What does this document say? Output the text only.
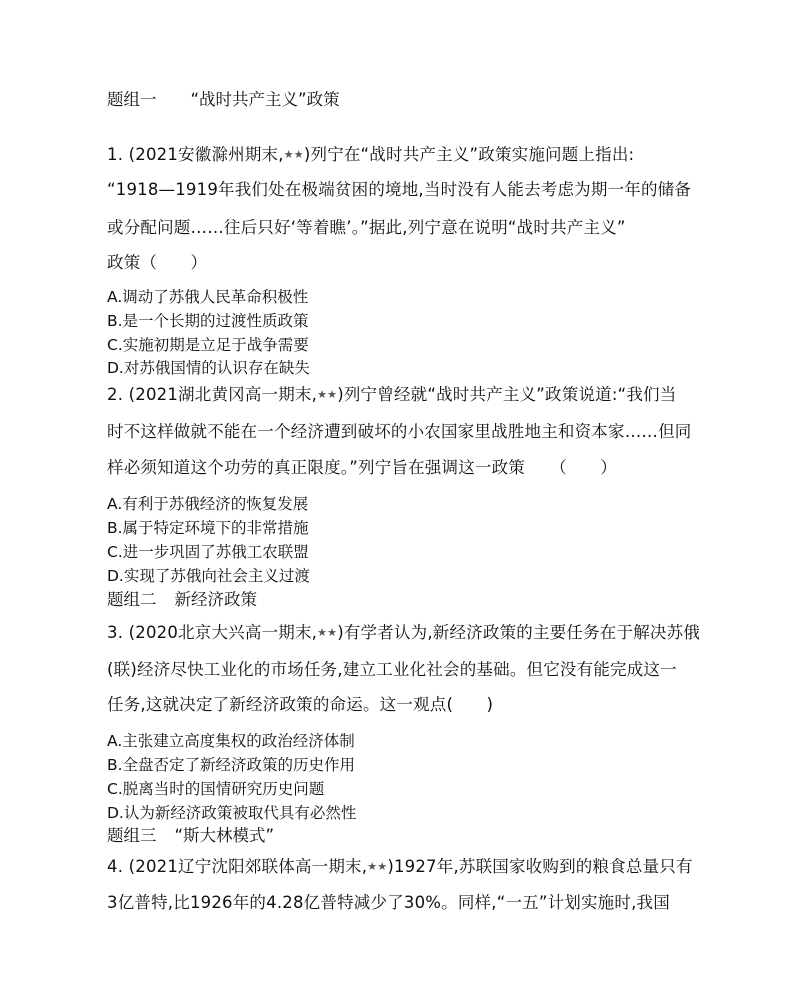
题组一 “战时共产主义”政策
1. (2021安徽滁州期末,★★)列宁在“战时共产主义”政策实施问题上指出:
“1918—1919年我们处在极端贫困的境地,当时没有人能去考虑为期一年的储备
或分配问题……往后只好‘等着瞧’。”据此,列宁意在说明“战时共产主义”
政策（　　）
A.调动了苏俄人民革命积极性
B.是一个长期的过渡性质政策
C.实施初期是立足于战争需要
D.对苏俄国情的认识存在缺失
2. (2021湖北黄冈高一期末,★★)列宁曾经就“战时共产主义”政策说道:“我们当
时不这样做就不能在一个经济遭到破坏的小农国家里战胜地主和资本家……但同
样必须知道这个功劳的真正限度。”列宁旨在强调这一政策　　（　　）
A.有利于苏俄经济的恢复发展
B.属于特定环境下的非常措施
C.进一步巩固了苏俄工农联盟
D.实现了苏俄向社会主义过渡
题组二 新经济政策
3. (2020北京大兴高一期末,★★)有学者认为,新经济政策的主要任务在于解决苏俄
(联)经济尽快工业化的市场任务,建立工业化社会的基础。但它没有能完成这一
任务,这就决定了新经济政策的命运。这一观点(　　)
A.主张建立高度集权的政治经济体制
B.全盘否定了新经济政策的历史作用
C.脱离当时的国情研究历史问题
D.认为新经济政策被取代具有必然性
题组三 “斯大林模式”
4. (2021辽宁沈阳郊联体高一期末,★★)1927年,苏联国家收购到的粮食总量只有
3亿普特,比1926年的4.28亿普特减少了30%。同样,“一五”计划实施时,我国
